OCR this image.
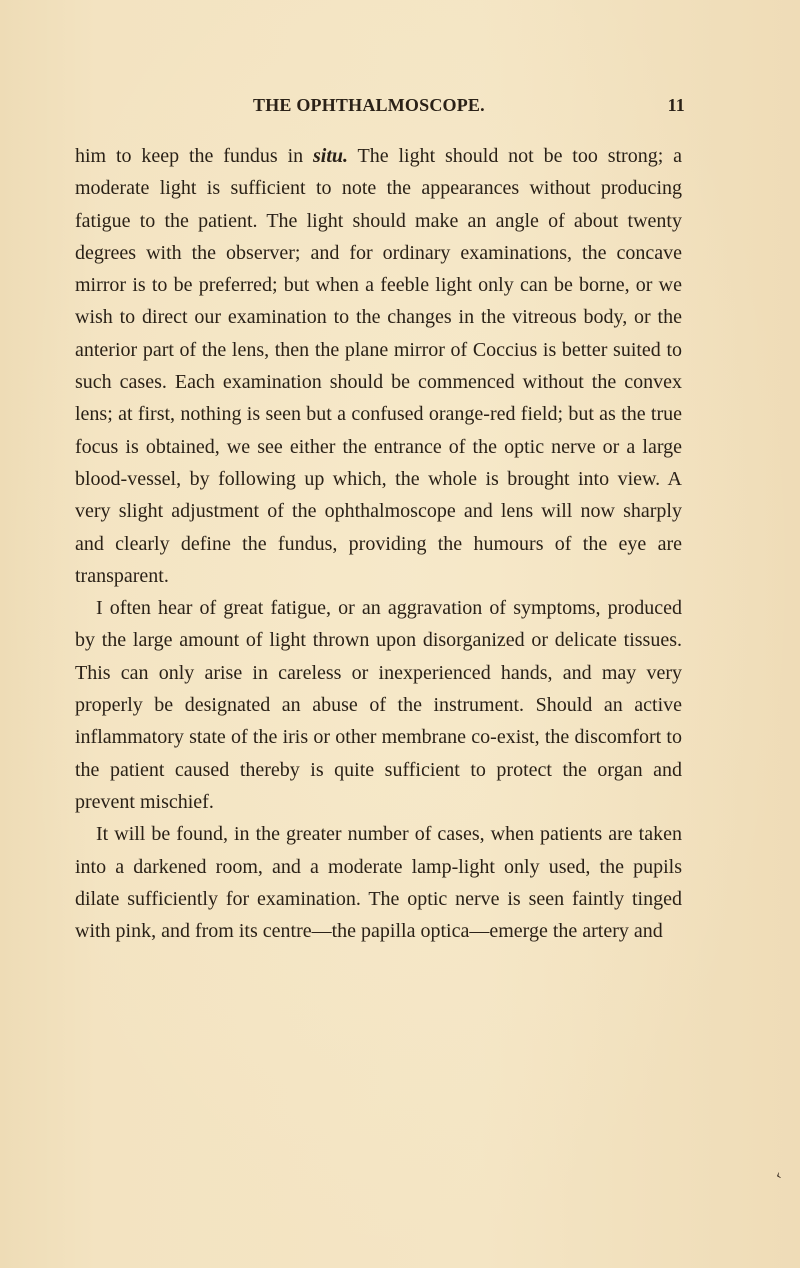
THE OPHTHALMOSCOPE.	11

him to keep the fundus in situ. The light should not be too strong; a moderate light is sufficient to note the appearances without producing fatigue to the patient. The light should make an angle of about twenty degrees with the observer; and for ordinary examinations, the concave mirror is to be preferred; but when a feeble light only can be borne, or we wish to direct our examination to the changes in the vitreous body, or the anterior part of the lens, then the plane mirror of Coccius is better suited to such cases. Each examination should be commenced without the convex lens; at first, nothing is seen but a confused orange-red field; but as the true focus is obtained, we see either the entrance of the optic nerve or a large blood-vessel, by following up which, the whole is brought into view. A very slight adjustment of the ophthalmoscope and lens will now sharply and clearly define the fundus, providing the humours of the eye are transparent.

I often hear of great fatigue, or an aggravation of symptoms, produced by the large amount of light thrown upon disorganized or delicate tissues. This can only arise in careless or inexperienced hands, and may very properly be designated an abuse of the instrument. Should an active inflammatory state of the iris or other membrane co-exist, the discomfort to the patient caused thereby is quite sufficient to protect the organ and prevent mischief.

It will be found, in the greater number of cases, when patients are taken into a darkened room, and a moderate lamp-light only used, the pupils dilate sufficiently for examination. The optic nerve is seen faintly tinged with pink, and from its centre—the papilla optica—emerge the artery and

‹
